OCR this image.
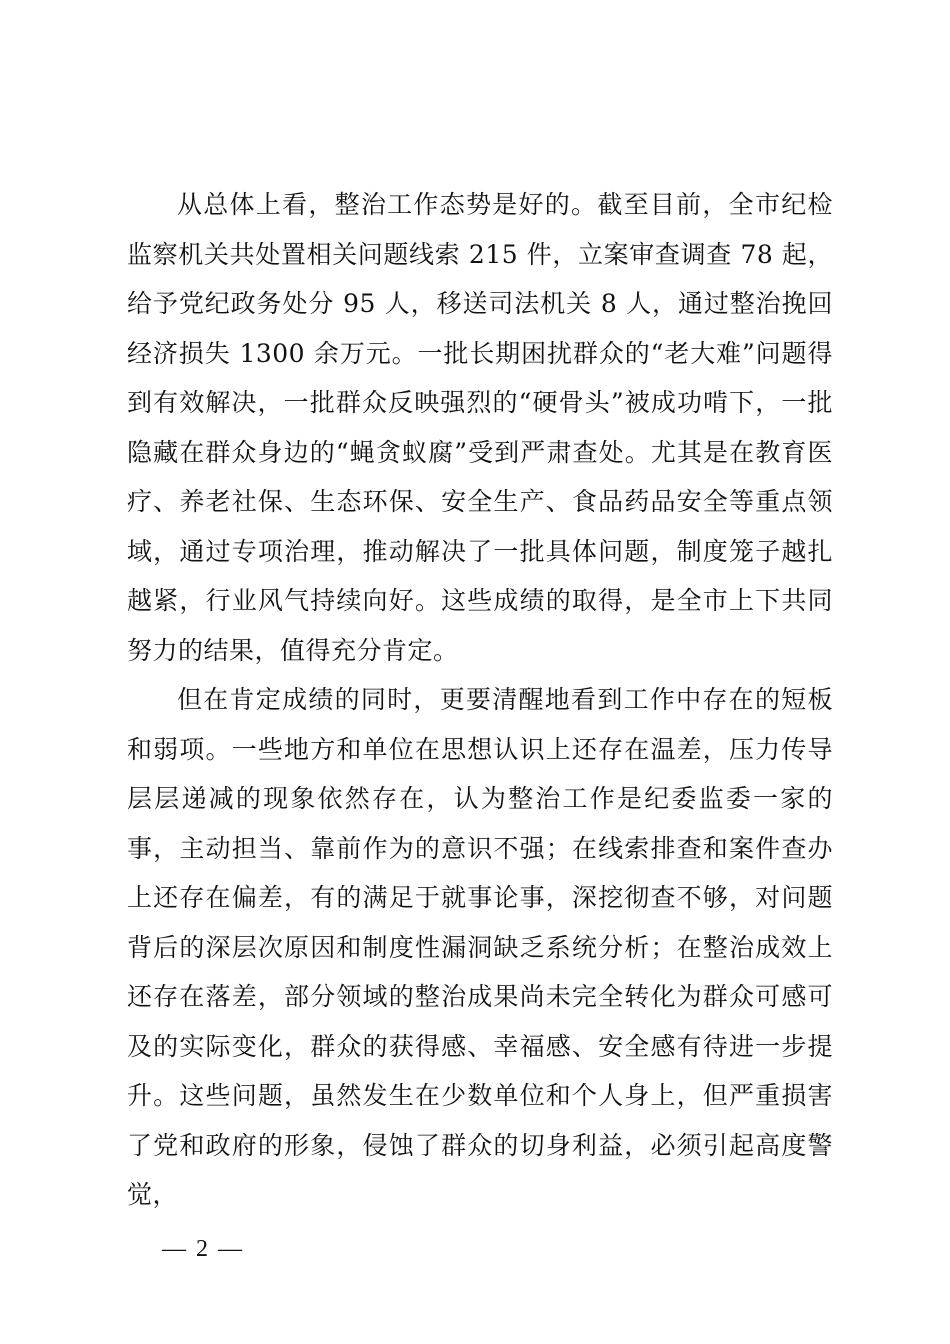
从总体上看，整治工作态势是好的。截至目前，全市纪检监察机关共处置相关问题线索 215 件，立案审查调查 78 起，给予党纪政务处分 95 人，移送司法机关 8 人，通过整治挽回经济损失 1300 余万元。一批长期困扰群众的“老大难”问题得到有效解决，一批群众反映强烈的“硬骨头”被成功啃下，一批隐藏在群众身边的“蝇贪蚁腐”受到严肃查处。尤其是在教育医疗、养老社保、生态环保、安全生产、食品药品安全等重点领域，通过专项治理，推动解决了一批具体问题，制度笼子越扎越紧，行业风气持续向好。这些成绩的取得，是全市上下共同努力的结果，值得充分肯定。

但在肯定成绩的同时，更要清醒地看到工作中存在的短板和弱项。一些地方和单位在思想认识上还存在温差，压力传导层层递减的现象依然存在，认为整治工作是纪委监委一家的事，主动担当、靠前作为的意识不强；在线索排查和案件查办上还存在偏差，有的满足于就事论事，深挖彻查不够，对问题背后的深层次原因和制度性漏洞缺乏系统分析；在整治成效上还存在落差，部分领域的整治成果尚未完全转化为群众可感可及的实际变化，群众的获得感、幸福感、安全感有待进一步提升。这些问题，虽然发生在少数单位和个人身上，但严重损害了党和政府的形象，侵蚀了群众的切身利益，必须引起高度警觉，

— 2 —
